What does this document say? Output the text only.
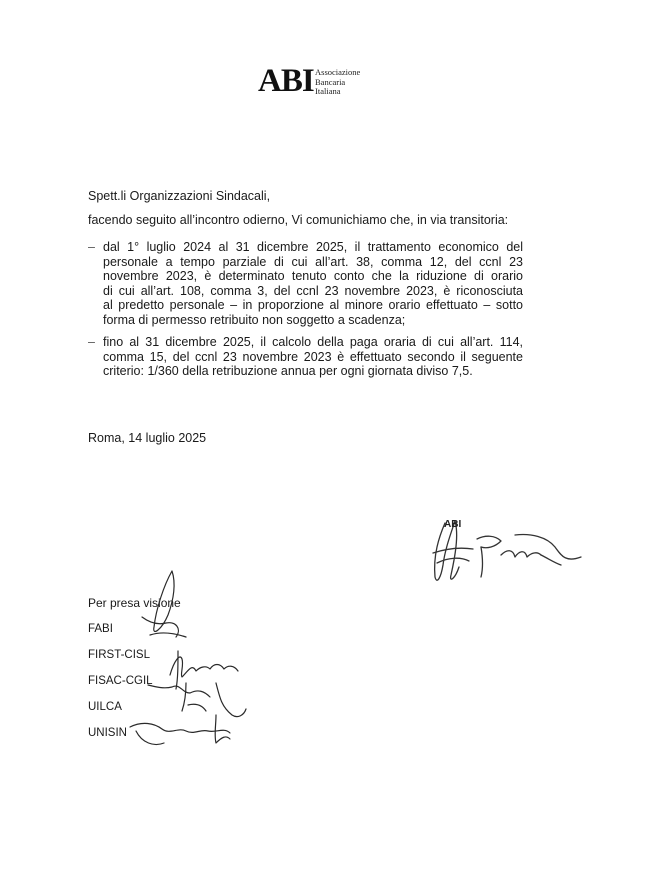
ABI Associazione
Bancaria
Italiana
Spett.li Organizzazioni Sindacali,
facendo seguito all’incontro odierno, Vi comunichiamo che, in via transitoria:
– dal 1° luglio 2024 al 31 dicembre 2025, il trattamento economico del
personale a tempo parziale di cui all’art. 38, comma 12, del ccnl 23
novembre 2023, è determinato tenuto conto che la riduzione di orario
di cui all’art. 108, comma 3, del ccnl 23 novembre 2023, è riconosciuta
al predetto personale – in proporzione al minore orario effettuato – sotto
forma di permesso retribuito non soggetto a scadenza;

– fino al 31 dicembre 2025, il calcolo della paga oraria di cui all’art. 114,
comma 15, del ccnl 23 novembre 2023 è effettuato secondo il seguente
criterio: 1/360 della retribuzione annua per ogni giornata diviso 7,5.

Roma, 14 luglio 2025
ABI
Per presa visione
FABI
FIRST-CISL
FISAC-CGIL
UILCA
UNISIN
